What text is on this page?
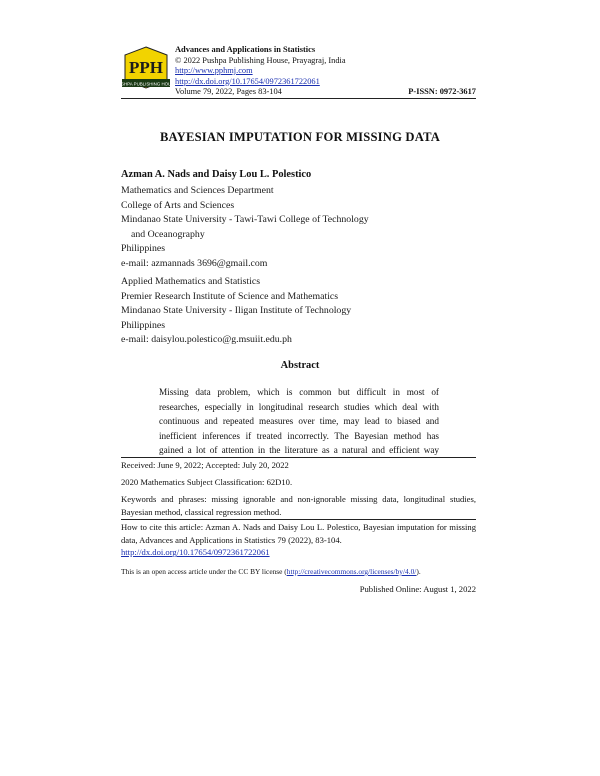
PPH
PUSHPA PUBLISHING HOUSE
Advances and Applications in Statistics
© 2022 Pushpa Publishing House, Prayagraj, India
http://www.pphmj.com
http://dx.doi.org/10.17654/0972361722061
Volume 79, 2022, Pages 83-104	P-ISSN: 0972-3617
BAYESIAN IMPUTATION FOR MISSING DATA
Azman A. Nads and Daisy Lou L. Polestico
Mathematics and Sciences Department
College of Arts and Sciences
Mindanao State University - Tawi-Tawi College of Technology
and Oceanography
Philippines
e-mail: azmannads 3696@gmail.com
Applied Mathematics and Statistics
Premier Research Institute of Science and Mathematics
Mindanao State University - Iligan Institute of Technology
Philippines
e-mail: daisylou.polestico@g.msuiit.edu.ph
Abstract
Missing data problem, which is common but difficult in most of
researches, especially in longitudinal research studies which deal with
continuous and repeated measures over time, may lead to biased and
inefficient inferences if treated incorrectly. The Bayesian method has
gained a lot of attention in the literature as a natural and efficient way
Received: June 9, 2022; Accepted: July 20, 2022
2020 Mathematics Subject Classification: 62D10.
Keywords and phrases: missing ignorable and non-ignorable missing data, longitudinal studies, Bayesian method, classical regression method.
How to cite this article: Azman A. Nads and Daisy Lou L. Polestico, Bayesian imputation for missing data, Advances and Applications in Statistics 79 (2022), 83-104.
http://dx.doi.org/10.17654/0972361722061
This is an open access article under the CC BY license (http://creativecommons.org/licenses/by/4.0/).
Published Online: August 1, 2022
